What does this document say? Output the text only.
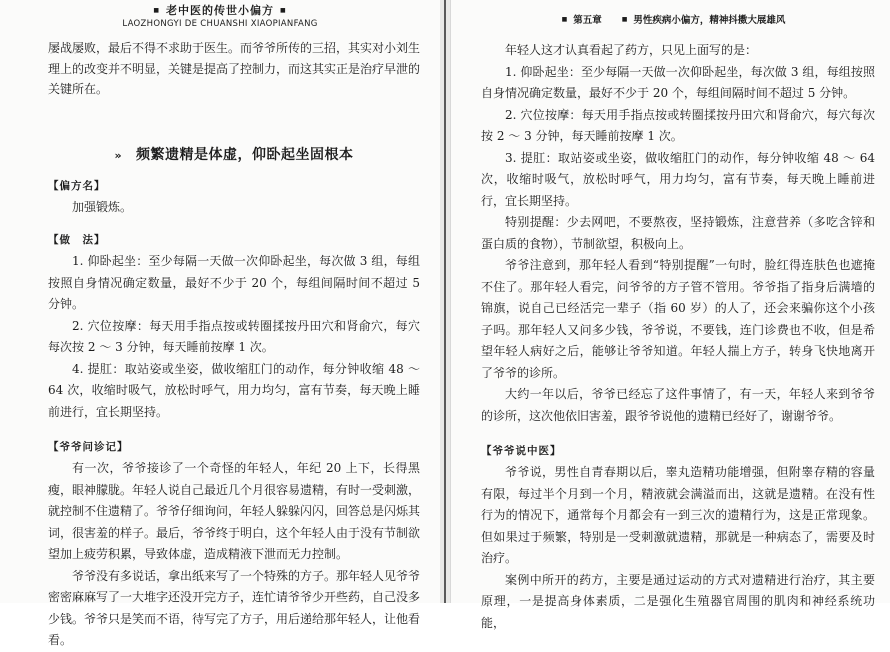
■ 老中医的传世小偏方 ■
LAOZHONGYI DE CHUANSHI XIAOPIANFANG

屡战屡败，最后不得不求助于医生。而爷爷所传的三招，其实对小刘生理上的改变并不明显，关键是提高了控制力，而这其实正是治疗早泄的关键所在。

» 频繁遗精是体虚，仰卧起坐固根本
【偏方名】

加强锻炼。

【做　法】

1. 仰卧起坐：至少每隔一天做一次仰卧起坐，每次做 3 组，每组按照自身情况确定数量，最好不少于 20 个，每组间隔时间不超过 5 分钟。

2. 穴位按摩：每天用手指点按或转圈揉按丹田穴和肾俞穴，每穴每次按 2 ～ 3 分钟，每天睡前按摩 1 次。

4. 提肛：取站姿或坐姿，做收缩肛门的动作，每分钟收缩 48 ～ 64 次，收缩时吸气，放松时呼气，用力均匀，富有节奏，每天晚上睡前进行，宜长期坚持。

【爷爷问诊记】

有一次，爷爷接诊了一个奇怪的年轻人，年纪 20 上下，长得黑瘦，眼神朦胧。年轻人说自己最近几个月很容易遗精，有时一受刺激，就控制不住遗精了。爷爷仔细询问，年轻人躲躲闪闪，回答总是闪烁其词，很害羞的样子。最后，爷爷终于明白，这个年轻人由于没有节制欲望加上疲劳积累，导致体虚，造成精液下泄而无力控制。

爷爷没有多说话，拿出纸来写了一个特殊的方子。那年轻人见爷爷密密麻麻写了一大堆字还没开完方子，连忙请爷爷少开些药，自己没多少钱。爷爷只是笑而不语，待写完了方子，用后递给那年轻人，让他看看。

■ 第五章	■ 男性疾病小偏方，精神抖擞大展雄风

年轻人这才认真看起了药方，只见上面写的是：

1. 仰卧起坐：至少每隔一天做一次仰卧起坐，每次做 3 组，每组按照自身情况确定数量，最好不少于 20 个，每组间隔时间不超过 5 分钟。

2. 穴位按摩：每天用手指点按或转圈揉按丹田穴和肾俞穴，每穴每次按 2 ～ 3 分钟，每天睡前按摩 1 次。

3. 提肛：取站姿或坐姿，做收缩肛门的动作，每分钟收缩 48 ～ 64 次，收缩时吸气，放松时呼气，用力均匀，富有节奏，每天晚上睡前进行，宜长期坚持。

特别提醒：少去网吧，不要熬夜，坚持锻炼，注意营养（多吃含锌和蛋白质的食物），节制欲望，积极向上。

爷爷注意到，那年轻人看到“特别提醒”一句时，脸红得连肤色也遮掩不住了。那年轻人看完，问爷爷的方子管不管用。爷爷指了指身后满墙的锦旗，说自己已经活完一辈子（指 60 岁）的人了，还会来骗你这个小孩子吗。那年轻人又问多少钱，爷爷说，不要钱，连门诊费也不收，但是希望年轻人病好之后，能够让爷爷知道。年轻人揣上方子，转身飞快地离开了爷爷的诊所。

大约一年以后，爷爷已经忘了这件事情了，有一天，年轻人来到爷爷的诊所，这次他依旧害羞，跟爷爷说他的遗精已经好了，谢谢爷爷。

【爷爷说中医】

爷爷说，男性自青春期以后，睾丸造精功能增强，但附睾存精的容量有限，每过半个月到一个月，精液就会满溢而出，这就是遗精。在没有性行为的情况下，通常每个月都会有一到三次的遗精行为，这是正常现象。但如果过于频繁，特别是一受刺激就遗精，那就是一种病态了，需要及时治疗。

案例中所开的药方，主要是通过运动的方式对遗精进行治疗，其主要原理，一是提高身体素质，二是强化生殖器官周围的肌肉和神经系统功能，
